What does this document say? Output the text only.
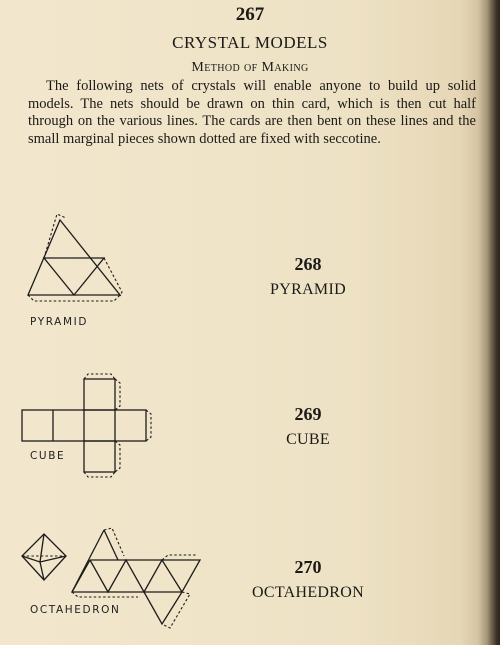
267
CRYSTAL MODELS
Method of Making
The following nets of crystals will enable anyone to build up solid models. The nets should be drawn on thin card, which is then cut half through on the various lines. The cards are then bent on these lines and the small marginal pieces shown dotted are fixed with seccotine.
PYRAMID
268
PYRAMID
CUBE
269
CUBE
OCTAHEDRON
270
OCTAHEDRON
